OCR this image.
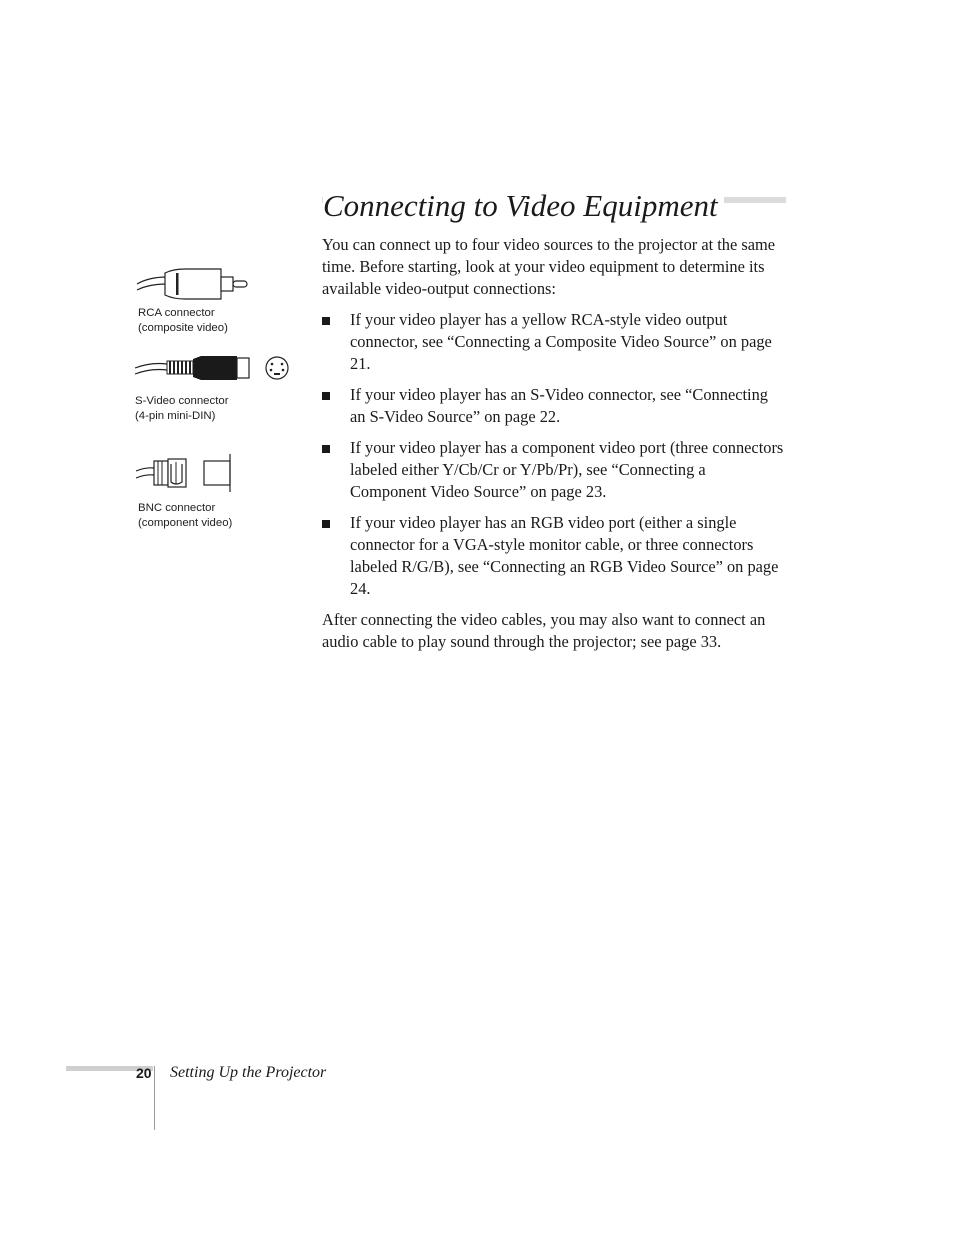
Connecting to Video Equipment
RCA connector
(composite video)
S-Video connector
(4-pin mini-DIN)
BNC connector
(component video)

You can connect up to four video sources to the projector at the same time. Before starting, look at your video equipment to determine its available video-output connections:

If your video player has a yellow RCA-style video output connector, see “Connecting a Composite Video Source” on page 21.
If your video player has an S-Video connector, see “Connecting an S-Video Source” on page 22.
If your video player has a component video port (three connectors labeled either Y/Cb/Cr or Y/Pb/Pr), see “Connecting a Component Video Source” on page 23.
If your video player has an RGB video port (either a single connector for a VGA-style monitor cable, or three connectors labeled R/G/B), see “Connecting an RGB Video Source” on page 24.

After connecting the video cables, you may also want to connect an audio cable to play sound through the projector; see page 33.

20 Setting Up the Projector
